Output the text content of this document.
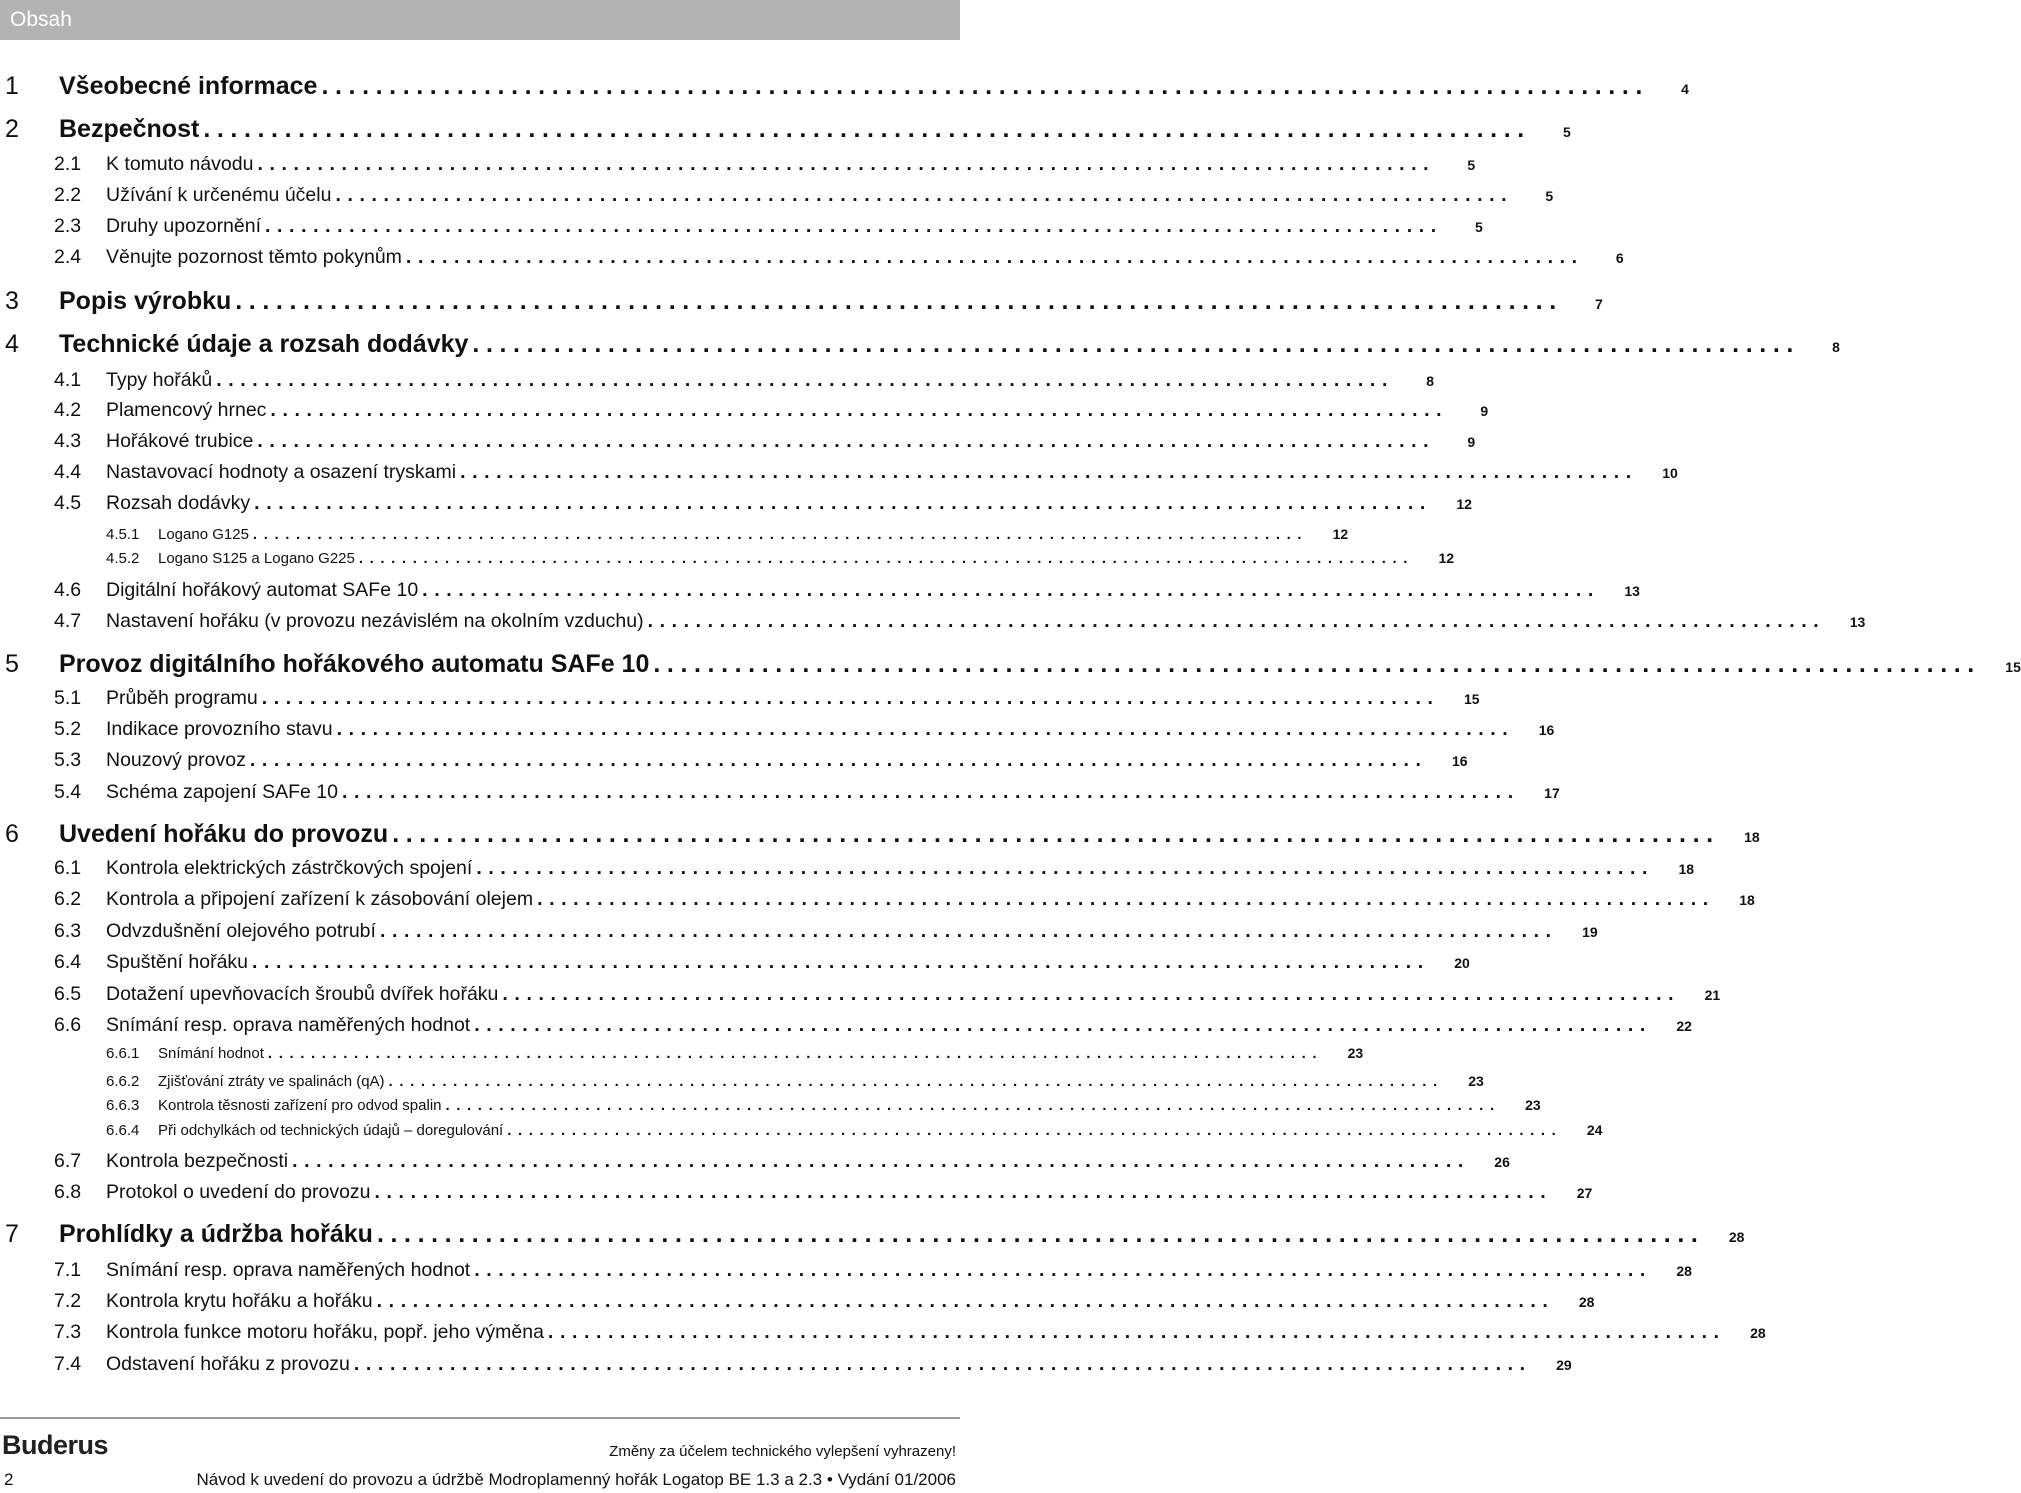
Obsah
1	Všeobecné informace ..................................................................................................	4
2	Bezpečnost ..................................................................................................	5
2.1	K tomuto návodu ..................................................................................................	5
2.2	Užívání k určenému účelu ..................................................................................................	5
2.3	Druhy upozornění ..................................................................................................	5
2.4	Věnujte pozornost těmto pokynům ..................................................................................................	6
3	Popis výrobku ..................................................................................................	7
4	Technické údaje a rozsah dodávky ..................................................................................................	8
4.1	Typy hořáků ..................................................................................................	8
4.2	Plamencový hrnec ..................................................................................................	9
4.3	Hořákové trubice ..................................................................................................	9
4.4	Nastavovací hodnoty a osazení tryskami ..................................................................................................	10
4.5	Rozsah dodávky ..................................................................................................	12
4.5.1	Logano G125 ..................................................................................................	12
4.5.2	Logano S125 a Logano G225 ..................................................................................................	12
4.6	Digitální hořákový automat SAFe 10 ..................................................................................................	13
4.7	Nastavení hořáku (v provozu nezávislém na okolním vzduchu) ..................................................................................................	13
5	Provoz digitálního hořákového automatu SAFe 10 ..................................................................................................	15
5.1	Průběh programu ..................................................................................................	15
5.2	Indikace provozního stavu ..................................................................................................	16
5.3	Nouzový provoz ..................................................................................................	16
5.4	Schéma zapojení SAFe 10 ..................................................................................................	17
6	Uvedení hořáku do provozu ..................................................................................................	18
6.1	Kontrola elektrických zástrčkových spojení ..................................................................................................	18
6.2	Kontrola a připojení zařízení k zásobování olejem ..................................................................................................	18
6.3	Odvzdušnění olejového potrubí ..................................................................................................	19
6.4	Spuštění hořáku ..................................................................................................	20
6.5	Dotažení upevňovacích šroubů dvířek hořáku ..................................................................................................	21
6.6	Snímání resp. oprava naměřených hodnot ..................................................................................................	22
6.6.1	Snímání hodnot ..................................................................................................	23
6.6.2	Zjišťování ztráty ve spalinách (qA) ..................................................................................................	23
6.6.3	Kontrola těsnosti zařízení pro odvod spalin ..................................................................................................	23
6.6.4	Při odchylkách od technických údajů – doregulování ..................................................................................................	24
6.7	Kontrola bezpečnosti ..................................................................................................	26
6.8	Protokol o uvedení do provozu ..................................................................................................	27
7	Prohlídky a údržba hořáku ..................................................................................................	28
7.1	Snímání resp. oprava naměřených hodnot ..................................................................................................	28
7.2	Kontrola krytu hořáku a hořáku ..................................................................................................	28
7.3	Kontrola funkce motoru hořáku, popř. jeho výměna ..................................................................................................	28
7.4	Odstavení hořáku z provozu ..................................................................................................	29
Buderus	Změny za účelem technického vylepšení vyhrazeny!
2	Návod k uvedení do provozu a údržbě Modroplamenný hořák Logatop BE 1.3 a 2.3 • Vydání 01/2006
